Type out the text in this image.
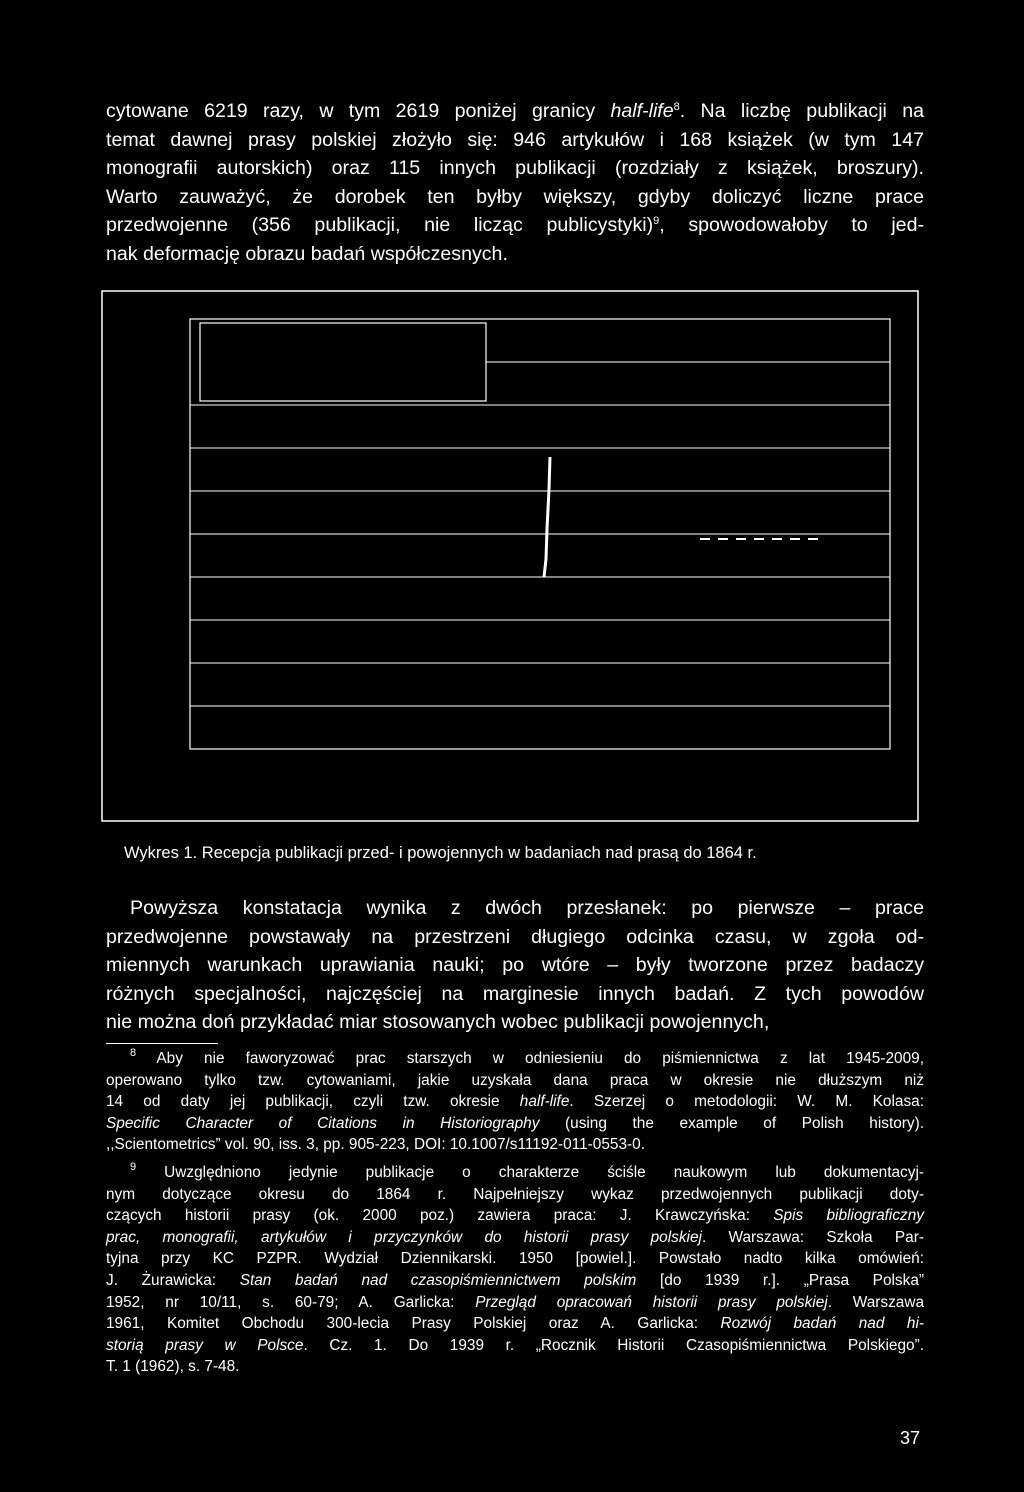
cytowane 6219 razy, w tym 2619 poniżej granicy half-life$^8$. Na liczbę publikacji na
temat dawnej prasy polskiej złożyło się: 946 artykułów i 168 książek (w tym 147
monografii autorskich) oraz 115 innych publikacji (rozdziały z książek, broszury).
Warto zauważyć, że dorobek ten byłby większy, gdyby doliczyć liczne prace
przedwojenne (356 publikacji, nie licząc publicystyki)$^9$, spowodowałoby to jed-
nak deformację obrazu badań współczesnych.
Wykres 1. Recepcja publikacji przed- i powojennych w badaniach nad prasą do 1864 r.
Powyższa konstatacja wynika z dwóch przesłanek: po pierwsze – prace
przedwojenne powstawały na przestrzeni długiego odcinka czasu, w zgoła od-
miennych warunkach uprawiania nauki; po wtóre – były tworzone przez badaczy
różnych specjalności, najczęściej na marginesie innych badań. Z tych powodów
nie można doń przykładać miar stosowanych wobec publikacji powojennych,
$^8$ Aby nie faworyzować prac starszych w odniesieniu do piśmiennictwa z lat 1945-2009,
operowano tylko tzw. cytowaniami, jakie uzyskała dana praca w okresie nie dłuższym niż
14 od daty jej publikacji, czyli tzw. okresie half-life. Szerzej o metodologii: W. M. Kolasa:
Specific Character of Citations in Historiography (using the example of Polish history).
,,Scientometrics” vol. 90, iss. 3, pp. 905-223, DOI: 10.1007/s11192-011-0553-0.
$^9$ Uwzględniono jedynie publikacje o charakterze ściśle naukowym lub dokumentacyj-
nym dotyczące okresu do 1864 r. Najpełniejszy wykaz przedwojennych publikacji doty-
czących historii prasy (ok. 2000 poz.) zawiera praca: J. Krawczyńska: Spis bibliograficzny
prac, monografii, artykułów i przyczynków do historii prasy polskiej. Warszawa: Szkoła Par-
tyjna przy KC PZPR. Wydział Dziennikarski. 1950 [powiel.]. Powstało nadto kilka omówień:
J. Żurawicka: Stan badań nad czasopiśmiennictwem polskim [do 1939 r.]. „Prasa Polska”
1952, nr 10/11, s. 60-79; A. Garlicka: Przegląd opracowań historii prasy polskiej. Warszawa
1961, Komitet Obchodu 300-lecia Prasy Polskiej oraz A. Garlicka: Rozwój badań nad hi-
storią prasy w Polsce. Cz. 1. Do 1939 r. „Rocznik Historii Czasopiśmiennictwa Polskiego”.
T. 1 (1962), s. 7-48.
37
